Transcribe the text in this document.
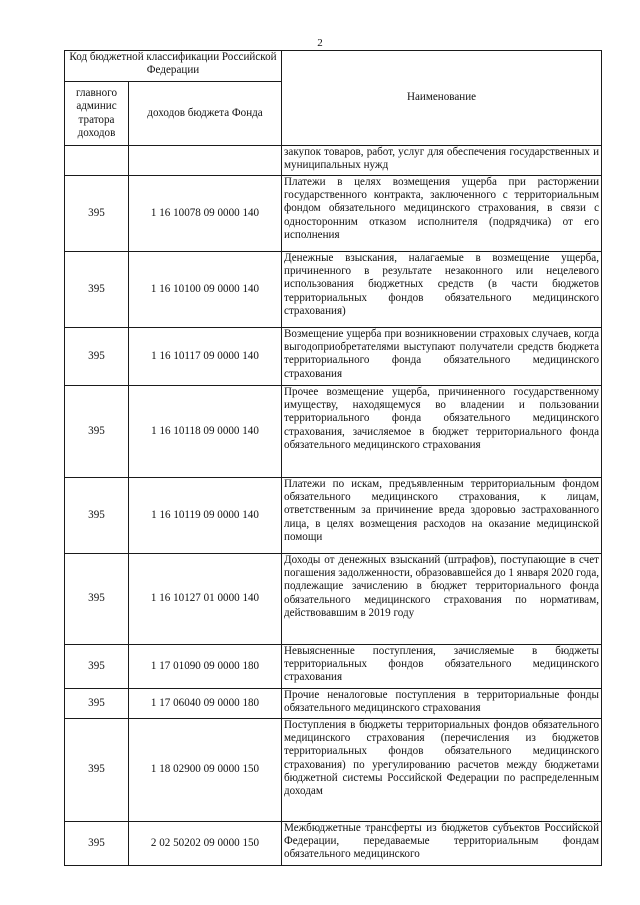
2
Код бюджетной классификации Российской Федерации		Наименование
главного админис тратора доходов	доходов бюджета Фонда	
		закупок товаров, работ, услуг для обеспечения государственных и муниципальных нужд
395	1 16 10078 09 0000 140	Платежи в целях возмещения ущерба при расторжении государственного контракта, заключенного с территориальным фондом обязательного медицинского страхования, в связи с односторонним отказом исполнителя (подрядчика) от его исполнения
395	1 16 10100 09 0000 140	Денежные взыскания, налагаемые в возмещение ущерба, причиненного в результате незаконного или нецелевого использования бюджетных средств (в части бюджетов территориальных фондов обязательного медицинского страхования)
395	1 16 10117 09 0000 140	Возмещение ущерба при возникновении страховых случаев, когда выгодоприобретателями выступают получатели средств бюджета территориального фонда обязательного медицинского страхования
395	1 16 10118 09 0000 140	Прочее возмещение ущерба, причиненного государственному имуществу, находящемуся во владении и пользовании территориального фонда обязательного медицинского страхования, зачисляемое в бюджет территориального фонда обязательного медицинского страхования
395	1 16 10119 09 0000 140	Платежи по искам, предъявленным территориальным фондом обязательного медицинского страхования, к лицам, ответственным за причинение вреда здоровью застрахованного лица, в целях возмещения расходов на оказание медицинской помощи
395	1 16 10127 01 0000 140	Доходы от денежных взысканий (штрафов), поступающие в счет погашения задолженности, образовавшейся до 1 января 2020 года, подлежащие зачислению в бюджет территориального фонда обязательного медицинского страхования по нормативам, действовавшим в 2019 году
395	1 17 01090 09 0000 180	Невыясненные поступления, зачисляемые в бюджеты территориальных фондов обязательного медицинского страхования
395	1 17 06040 09 0000 180	Прочие неналоговые поступления в территориальные фонды обязательного медицинского страхования
395	1 18 02900 09 0000 150	Поступления в бюджеты территориальных фондов обязательного медицинского страхования (перечисления из бюджетов территориальных фондов обязательного медицинского страхования) по урегулированию расчетов между бюджетами бюджетной системы Российской Федерации по распределенным доходам
395	2 02 50202 09 0000 150	Межбюджетные трансферты из бюджетов субъектов Российской Федерации, передаваемые территориальным фондам обязательного медицинского
